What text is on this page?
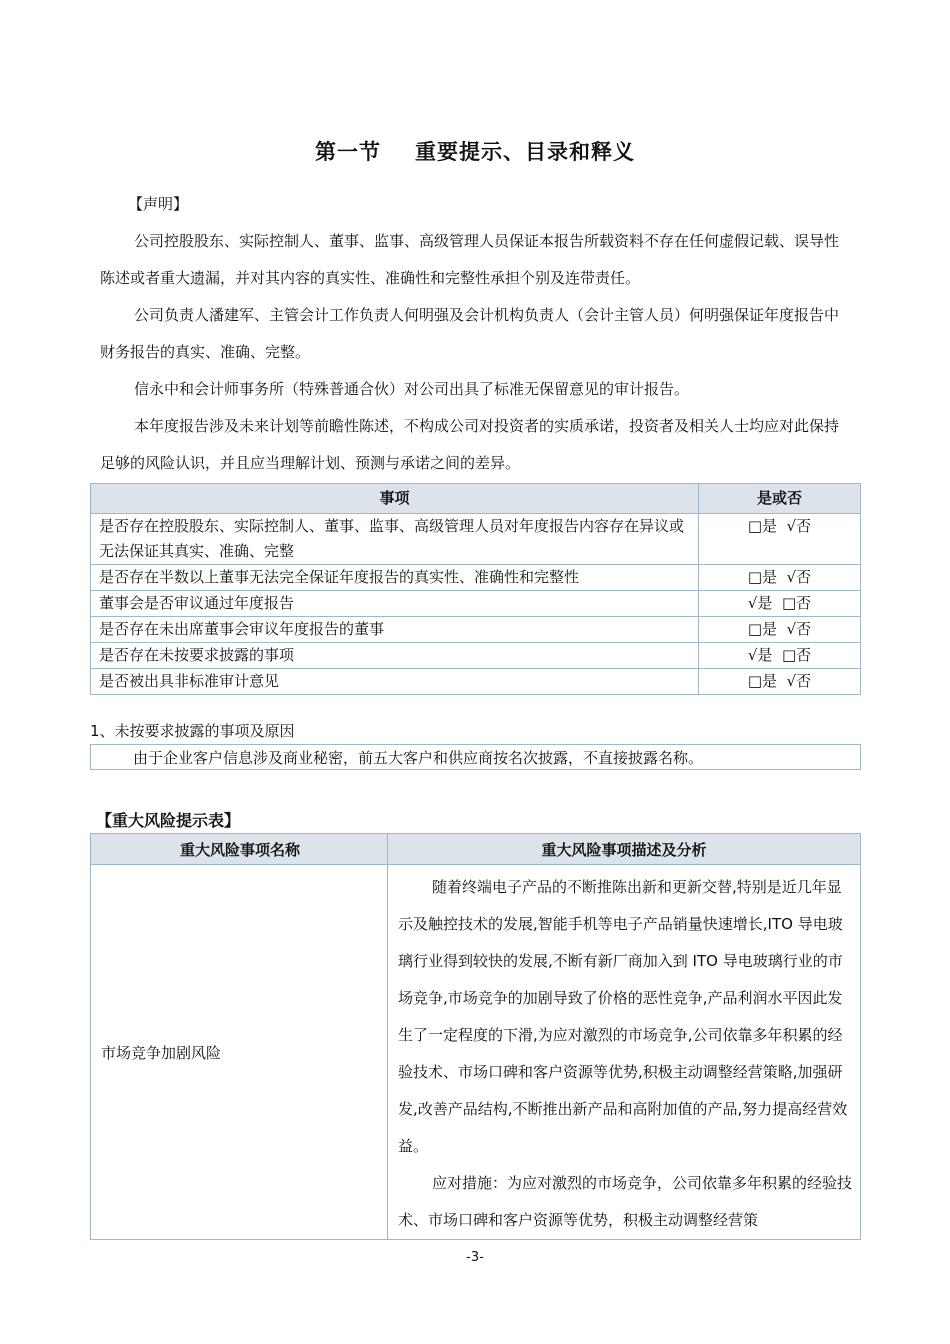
第一节 重要提示、目录和释义
【声明】
公司控股股东、实际控制人、董事、监事、高级管理人员保证本报告所载资料不存在任何虚假记载、误导性陈述或者重大遗漏，并对其内容的真实性、准确性和完整性承担个别及连带责任。
公司负责人潘建军、主管会计工作负责人何明强及会计机构负责人（会计主管人员）何明强保证年度报告中财务报告的真实、准确、完整。
信永中和会计师事务所（特殊普通合伙）对公司出具了标准无保留意见的审计报告。
本年度报告涉及未来计划等前瞻性陈述，不构成公司对投资者的实质承诺，投资者及相关人士均应对此保持足够的风险认识，并且应当理解计划、预测与承诺之间的差异。
事项	是或否
是否存在控股股东、实际控制人、董事、监事、高级管理人员对年度报告内容存在异议或无法保证其真实、准确、完整	□是 √否
是否存在半数以上董事无法完全保证年度报告的真实性、准确性和完整性	□是 √否
董事会是否审议通过年度报告	√是 □否
是否存在未出席董事会审议年度报告的董事	□是 √否
是否存在未按要求披露的事项	√是 □否
是否被出具非标准审计意见	□是 √否
1、未按要求披露的事项及原因
由于企业客户信息涉及商业秘密，前五大客户和供应商按名次披露，不直接披露名称。
【重大风险提示表】
重大风险事项名称	重大风险事项描述及分析
市场竞争加剧风险	随着终端电子产品的不断推陈出新和更新交替,特别是近几年显示及触控技术的发展,智能手机等电子产品销量快速增长,ITO 导电玻璃行业得到较快的发展,不断有新厂商加入到 ITO 导电玻璃行业的市场竞争,市场竞争的加剧导致了价格的恶性竞争,产品利润水平因此发生了一定程度的下滑,为应对激烈的市场竞争,公司依靠多年积累的经验技术、市场口碑和客户资源等优势,积极主动调整经营策略,加强研发,改善产品结构,不断推出新产品和高附加值的产品,努力提高经营效益。

应对措施：为应对激烈的市场竞争，公司依靠多年积累的经验技术、市场口碑和客户资源等优势，积极主动调整经营策

-3-
